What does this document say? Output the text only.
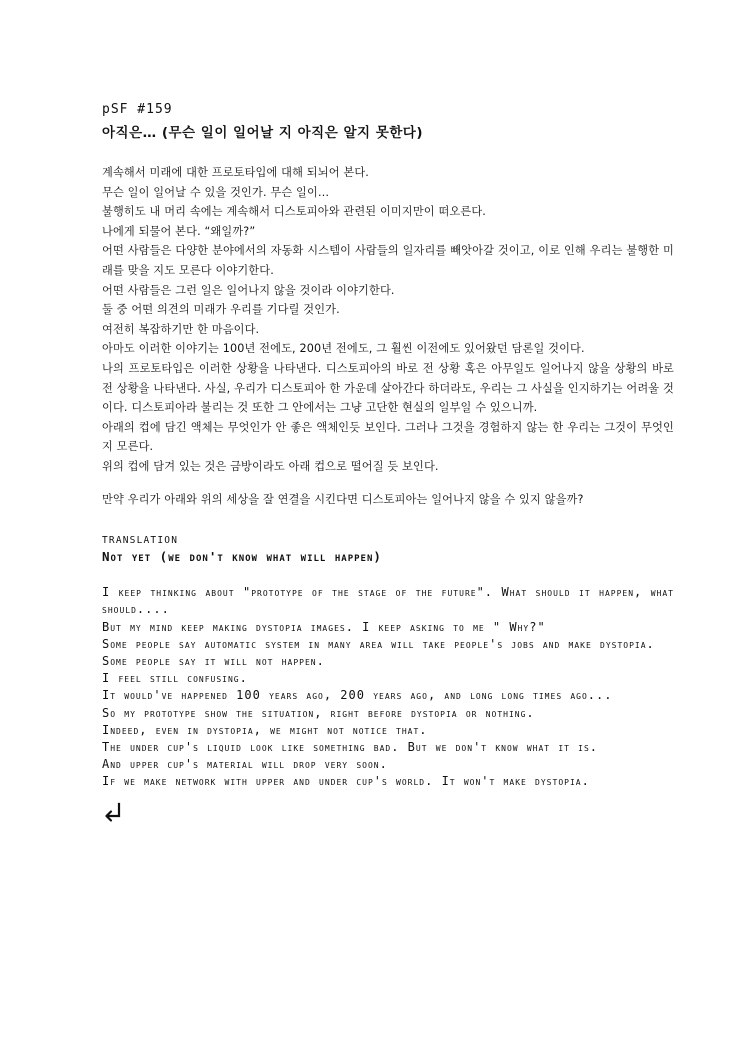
pSF #159
아직은… (무슨 일이 일어날 지 아직은 알지 못한다)

계속해서 미래에 대한 프로토타입에 대해 되뇌어 본다.

무슨 일이 일어날 수 있을 것인가. 무슨 일이…

불행히도 내 머리 속에는 계속해서 디스토피아와 관련된 이미지만이 떠오른다.

나에게 되물어 본다. “왜일까?”

어떤 사람들은 다양한 분야에서의 자동화 시스템이 사람들의 일자리를 빼앗아갈 것이고, 이로 인해 우리는 불행한 미래를 맞을 지도 모른다 이야기한다.

어떤 사람들은 그런 일은 일어나지 않을 것이라 이야기한다.

둘 중 어떤 의견의 미래가 우리를 기다릴 것인가.

여전히 복잡하기만 한 마음이다.

아마도 이러한 이야기는 100년 전에도, 200년 전에도, 그 훨씬 이전에도 있어왔던 담론일 것이다.

나의 프로토타입은 이러한 상황을 나타낸다. 디스토피아의 바로 전 상황 혹은 아무일도 일어나지 않을 상황의 바로 전 상황을 나타낸다. 사실, 우리가 디스토피아 한 가운데 살아간다 하더라도, 우리는 그 사실을 인지하기는 어려울 것이다. 디스토피아라 불리는 것 또한 그 안에서는 그냥 고단한 현실의 일부일 수 있으니까.

아래의 컵에 담긴 액체는 무엇인가 안 좋은 액체인듯 보인다. 그러나 그것을 경험하지 않는 한 우리는 그것이 무엇인지 모른다.

위의 컵에 담겨 있는 것은 금방이라도 아래 컵으로 떨어질 듯 보인다.

만약 우리가 아래와 위의 세상을 잘 연결을 시킨다면 디스토피아는 일어나지 않을 수 있지 않을까?

TRANSLATION
Not yet (we don't know what will happen)

I keep thinking about "prototype of the stage of the future". What should it happen, what should....

But my mind keep making dystopia images. I keep asking to me " Why?"

Some people say automatic system in many area will take people's jobs and make dystopia.

Some people say it will not happen.

I feel still confusing.

It would've happened 100 years ago, 200 years ago, and long long times ago...

So my prototype show the situation, right before dystopia or nothing.

Indeed, even in dystopia, we might not notice that.

The under cup's liquid look like something bad. But we don't know what it is.

And upper cup's material will drop very soon.

If we make network with upper and under cup's world. It won't make dystopia.
